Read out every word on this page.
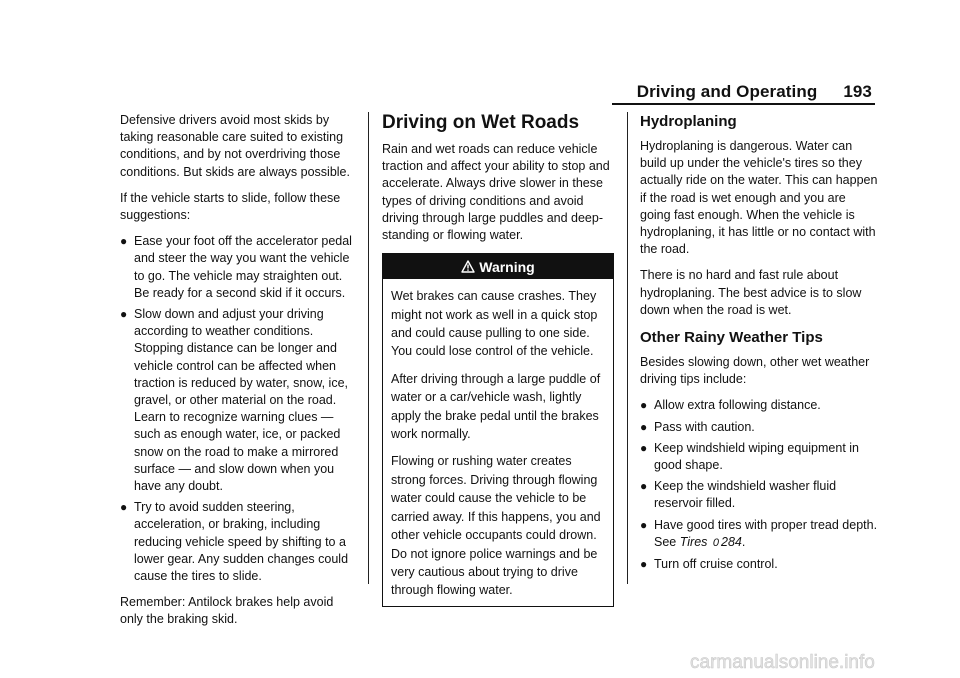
Driving and Operating 193

Defensive drivers avoid most skids by taking reasonable care suited to existing conditions, and by not overdriving those conditions. But skids are always possible.

If the vehicle starts to slide, follow these suggestions:

● Ease your foot off the accelerator pedal and steer the way you want the vehicle to go. The vehicle may straighten out. Be ready for a second skid if it occurs.
● Slow down and adjust your driving according to weather conditions. Stopping distance can be longer and vehicle control can be affected when traction is reduced by water, snow, ice, gravel, or other material on the road. Learn to recognize warning clues — such as enough water, ice, or packed snow on the road to make a mirrored surface — and slow down when you have any doubt.
● Try to avoid sudden steering, acceleration, or braking, including reducing vehicle speed by shifting to a lower gear. Any sudden changes could cause the tires to slide.

Remember: Antilock brakes help avoid only the braking skid.

Driving on Wet Roads

Rain and wet roads can reduce vehicle traction and affect your ability to stop and accelerate. Always drive slower in these types of driving conditions and avoid driving through large puddles and deep-standing or flowing water.

Warning

Wet brakes can cause crashes. They might not work as well in a quick stop and could cause pulling to one side. You could lose control of the vehicle.

After driving through a large puddle of water or a car/vehicle wash, lightly apply the brake pedal until the brakes work normally.

Flowing or rushing water creates strong forces. Driving through flowing water could cause the vehicle to be carried away. If this happens, you and other vehicle occupants could drown. Do not ignore police warnings and be very cautious about trying to drive through flowing water.

Hydroplaning

Hydroplaning is dangerous. Water can build up under the vehicle's tires so they actually ride on the water. This can happen if the road is wet enough and you are going fast enough. When the vehicle is hydroplaning, it has little or no contact with the road.

There is no hard and fast rule about hydroplaning. The best advice is to slow down when the road is wet.

Other Rainy Weather Tips

Besides slowing down, other wet weather driving tips include:

● Allow extra following distance.
● Pass with caution.
● Keep windshield wiping equipment in good shape.
● Keep the windshield washer fluid reservoir filled.
● Have good tires with proper tread depth. See Tires 0 284.
● Turn off cruise control.
carmanualsonline.info
